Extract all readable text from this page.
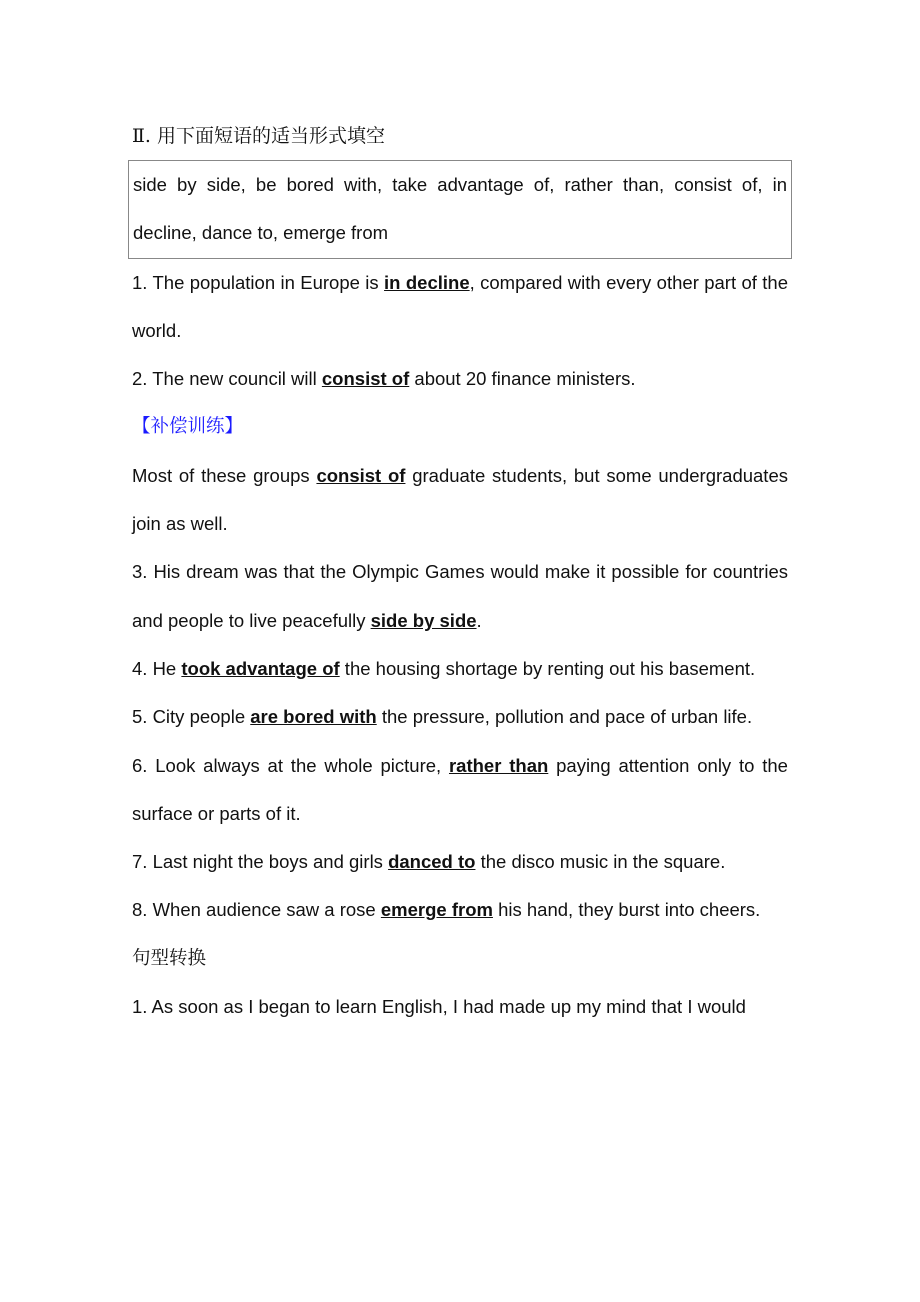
Ⅱ. 用下面短语的适当形式填空

side by side, be bored with, take advantage of, rather than, consist of, in decline, dance to, emerge from

1. The population in Europe is in decline, compared with every other part of the world.

2. The new council will consist of about 20 finance ministers.

【补偿训练】

Most of these groups consist of graduate students, but some undergraduates join as well.

3. His dream was that the Olympic Games would make it possible for countries and people to live peacefully side by side.

4. He took advantage of the housing shortage by renting out his basement.

5. City people are bored with the pressure, pollution and pace of urban life.

6. Look always at the whole picture, rather than paying attention only to the surface or parts of it.

7. Last night the boys and girls danced to the disco music in the square.

8. When audience saw a rose emerge from his hand, they burst into cheers.

句型转换

1. As soon as I began to learn English, I had made up my mind that I would
